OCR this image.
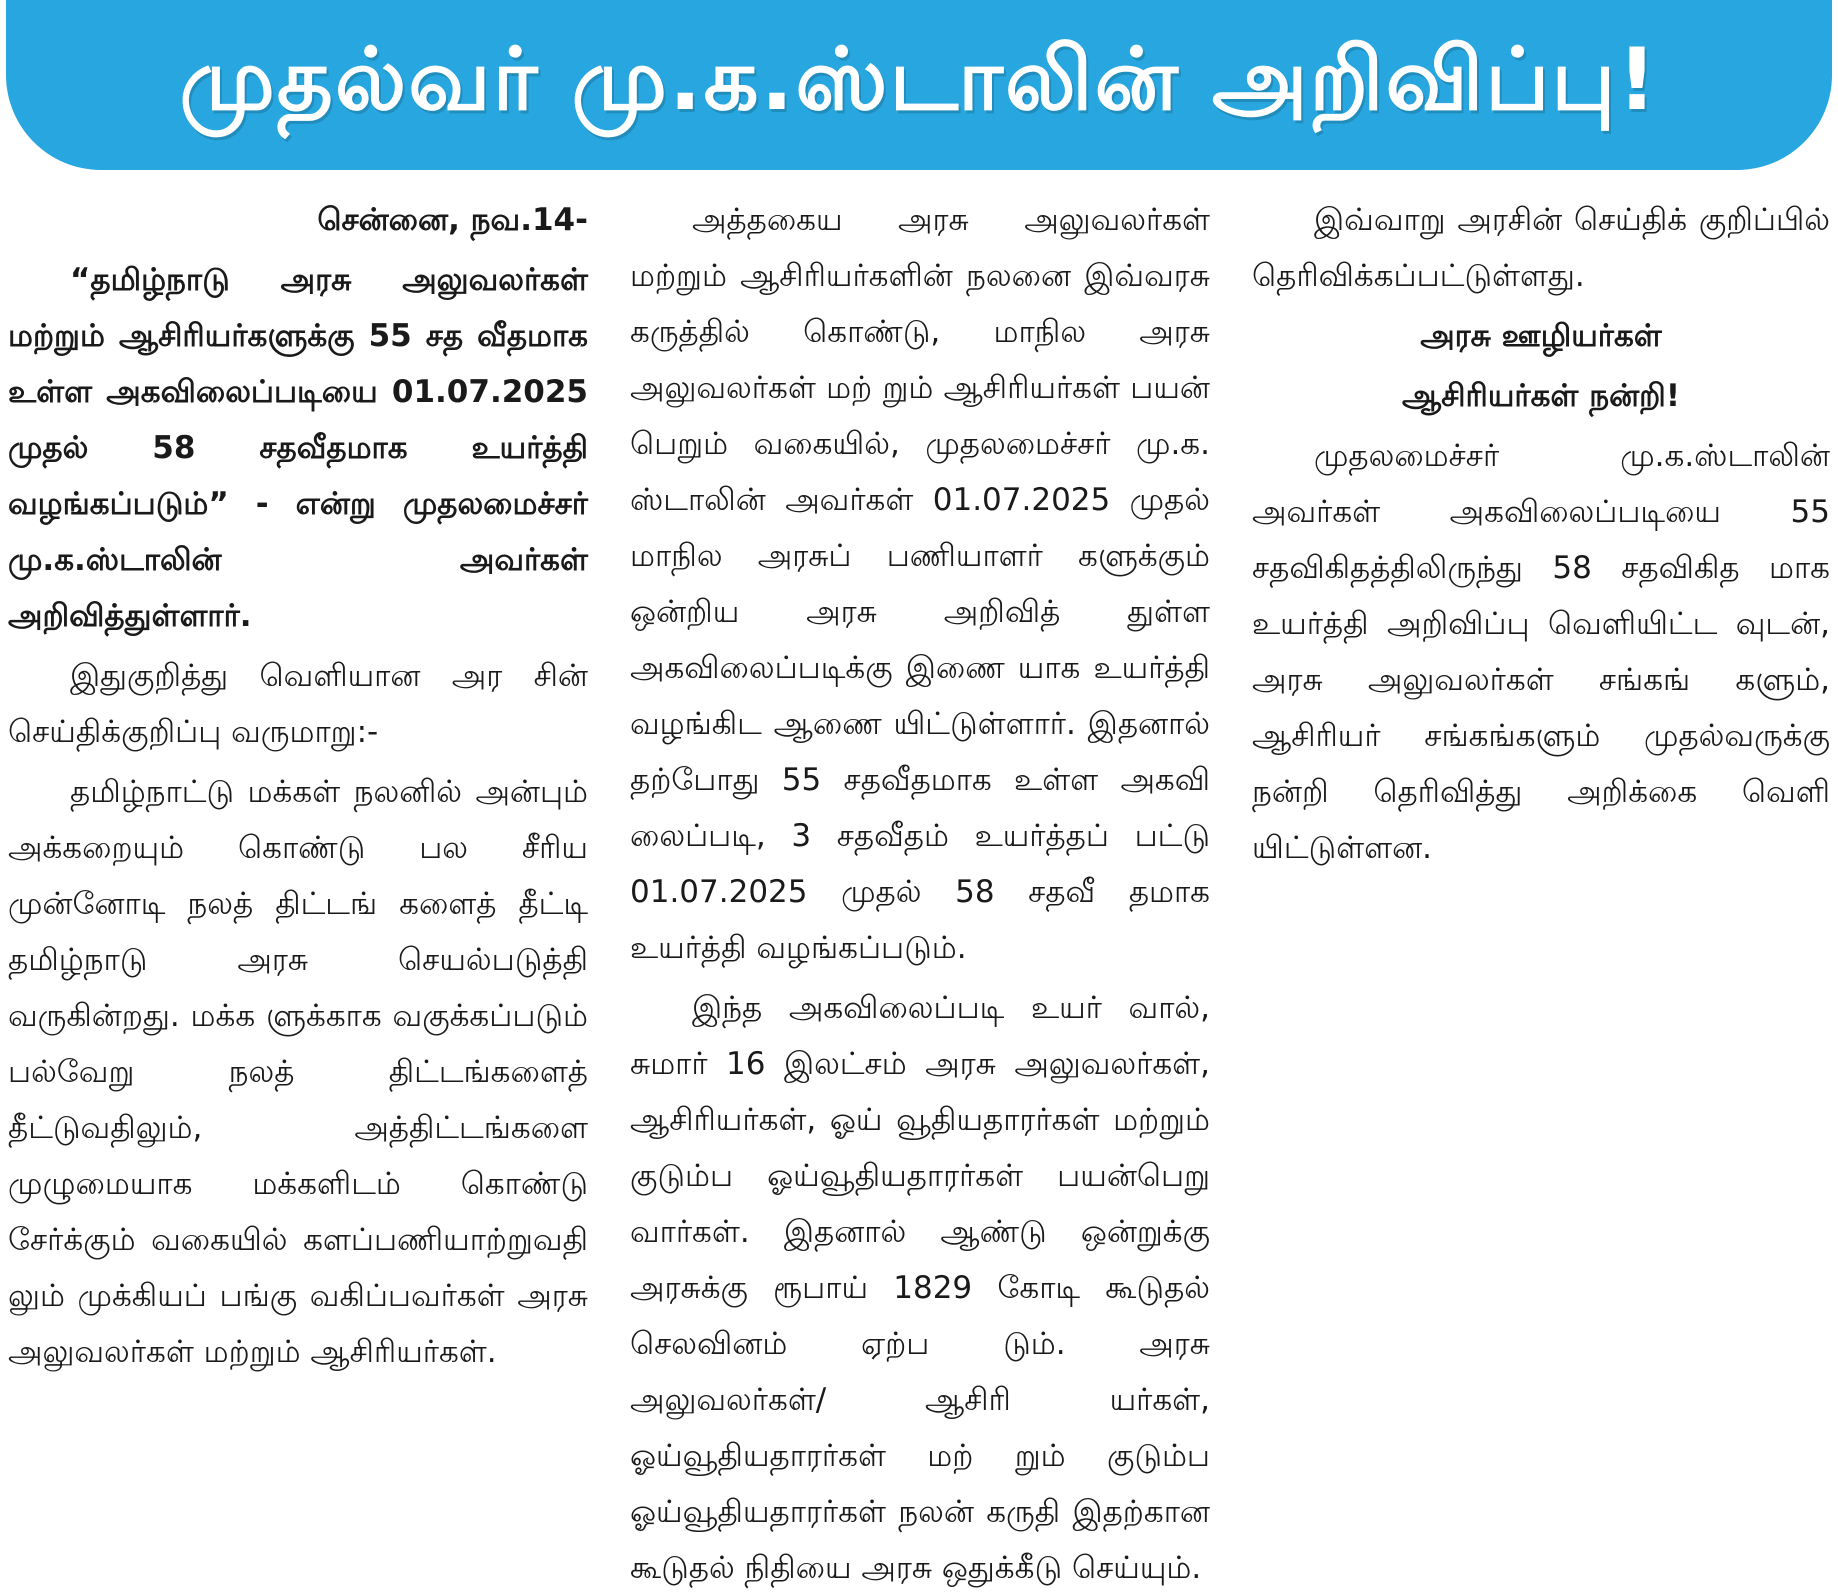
முதல்வர் மு.க.ஸ்டாலின் அறிவிப்பு!

சென்னை, நவ.14-

“தமிழ்நாடு அரசு அலுவலர்கள் மற்றும் ஆசிரியர்களுக்கு 55 சத வீதமாக உள்ள அகவிலைப்படியை 01.07.2025 முதல் 58 சதவீதமாக உயர்த்தி வழங்கப்படும்” - என்று முதலமைச்சர் மு.க.ஸ்டாலின் அவர்கள் அறிவித்துள்ளார்.

இதுகுறித்து வெளியான அர சின் செய்திக்குறிப்பு வருமாறு:-

தமிழ்நாட்டு மக்கள் நலனில் அன்பும் அக்கறையும் கொண்டு பல சீரிய முன்னோடி நலத் திட்டங் களைத் தீட்டி தமிழ்நாடு அரசு செயல்படுத்தி வருகின்றது. மக்க ளுக்காக வகுக்கப்படும் பல்வேறு நலத் திட்டங்களைத் தீட்டுவதிலும், அத்திட்டங்களை முழுமையாக மக்களிடம் கொண்டு சேர்க்கும் வகையில் களப்பணியாற்றுவதி லும் முக்கியப் பங்கு வகிப்பவர்கள் அரசு அலுவலர்கள் மற்றும் ஆசிரியர்கள்.

அத்தகைய அரசு அலுவலர்கள் மற்றும் ஆசிரியர்களின் நலனை இவ்வரசு கருத்தில் கொண்டு, மாநில அரசு அலுவலர்கள் மற் றும் ஆசிரியர்கள் பயன் பெறும் வகையில், முதலமைச்சர் மு.க. ஸ்டாலின் அவர்கள் 01.07.2025 முதல் மாநில அரசுப் பணியாளர் களுக்கும் ஒன்றிய அரசு அறிவித் துள்ள அகவிலைப்படிக்கு இணை யாக உயர்த்தி வழங்கிட ஆணை யிட்டுள்ளார். இதனால் தற்போது 55 சதவீதமாக உள்ள அகவி லைப்படி, 3 சதவீதம் உயர்த்தப் பட்டு 01.07.2025 முதல் 58 சதவீ தமாக உயர்த்தி வழங்கப்படும்.

இந்த அகவிலைப்படி உயர் வால், சுமார் 16 இலட்சம் அரசு அலுவலர்கள், ஆசிரியர்கள், ஓய் வூதியதாரர்கள் மற்றும் குடும்ப ஓய்வூதியதாரர்கள் பயன்பெறு வார்கள். இதனால் ஆண்டு ஒன்றுக்கு அரசுக்கு ரூபாய் 1829 கோடி கூடுதல் செலவினம் ஏற்ப டும். அரசு அலுவலர்கள்/ ஆசிரி யர்கள், ஓய்வூதியதாரர்கள் மற் றும் குடும்ப ஓய்வூதியதாரர்கள் நலன் கருதி இதற்கான கூடுதல் நிதியை அரசு ஒதுக்கீடு செய்யும்.

இவ்வாறு அரசின் செய்திக் குறிப்பில் தெரிவிக்கப்பட்டுள்ளது.

அரசு ஊழியர்கள்

ஆசிரியர்கள் நன்றி!

முதலமைச்சர் மு.க.ஸ்டாலின் அவர்கள் அகவிலைப்படியை 55 சதவிகிதத்திலிருந்து 58 சதவிகித மாக உயர்த்தி அறிவிப்பு வெளியிட்ட வுடன், அரசு அலுவலர்கள் சங்கங் களும், ஆசிரியர் சங்கங்களும் முதல்வருக்கு நன்றி தெரிவித்து அறிக்கை வெளி யிட்டுள்ளன.
